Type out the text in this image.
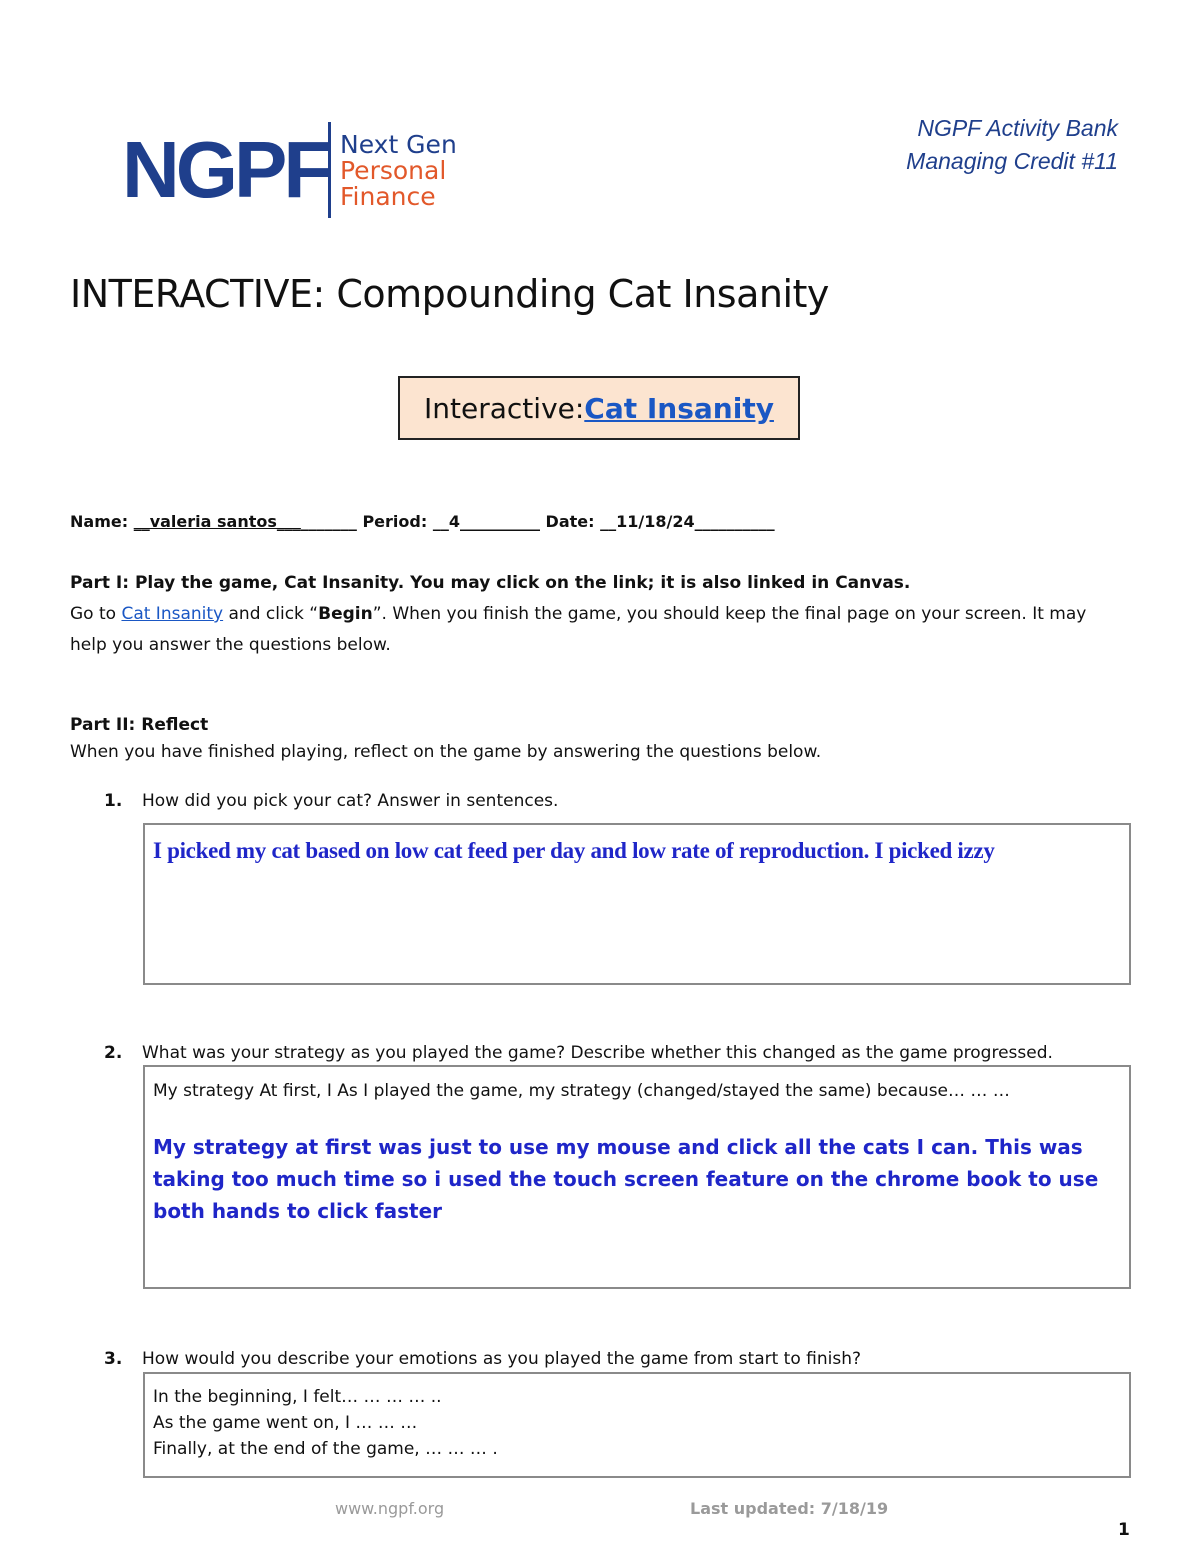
NGPF Next Gen
Personal
Finance
NGPF Activity Bank
Managing Credit #11
INTERACTIVE: Compounding Cat Insanity
Interactive: Cat Insanity
Name: __valeria santos__________ Period: __4__________ Date: __11/18/24__________
Part I: Play the game, Cat Insanity. You may click on the link; it is also linked in Canvas.
Go to Cat Insanity and click “Begin”. When you finish the game, you should keep the final page on your screen. It may
help you answer the questions below.
Part II: Reflect
When you have finished playing, reflect on the game by answering the questions below.
1. How did you pick your cat? Answer in sentences.
I picked my cat based on low cat feed per day and low rate of reproduction. I picked izzy
2. What was your strategy as you played the game? Describe whether this changed as the game progressed.
My strategy At first, I As I played the game, my strategy (changed/stayed the same) because… … …
My strategy at first was just to use my mouse and click all the cats I can. This was taking too much time so i used the touch screen feature on the chrome book to use both hands to click faster
3. How would you describe your emotions as you played the game from start to finish?
In the beginning, I felt… … … … ..
As the game went on, I … … …
Finally, at the end of the game, … … … .
www.ngpf.org	Last updated: 7/18/19
1
